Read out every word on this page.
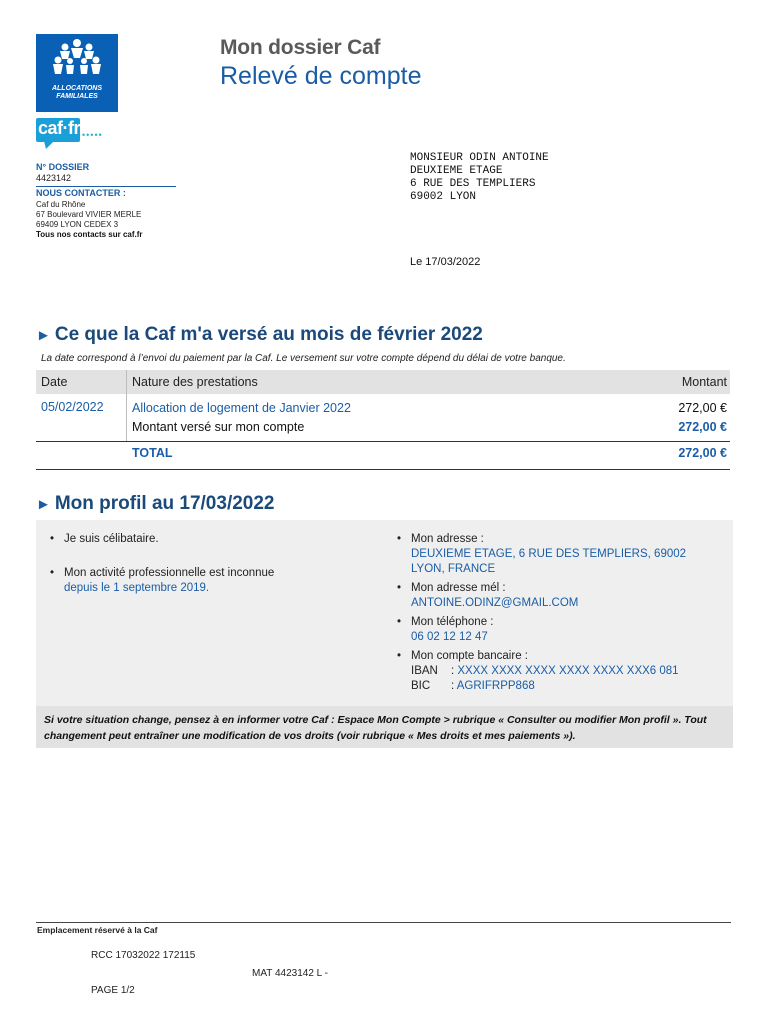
ALLOCATIONS
FAMILIALES
caf·fr •••••
Mon dossier Caf
Relevé de compte
N° DOSSIER
4423142
NOUS CONTACTER :
Caf du Rhône
67 Boulevard VIVIER MERLE
69409 LYON CEDEX 3
Tous nos contacts sur caf.fr
MONSIEUR ODIN ANTOINE
DEUXIEME ETAGE
6 RUE DES TEMPLIERS
69002 LYON
Le 17/03/2022
► Ce que la Caf m'a versé au mois de février 2022
La date correspond à l’envoi du paiement par la Caf. Le versement sur votre compte dépend du délai de votre banque.
Date	Nature des prestations	Montant
05/02/2022 Allocation de logement de Janvier 2022	272,00 €
Montant versé sur mon compte	272,00 €
TOTAL	272,00 €
► Mon profil au 17/03/2022
• Je suis célibataire.
• Mon activité professionnelle est inconnue
depuis le 1 septembre 2019.
• Mon adresse :
DEUXIEME ETAGE, 6 RUE DES TEMPLIERS, 69002
LYON, FRANCE
• Mon adresse mél :
ANTOINE.ODINZ@GMAIL.COM
• Mon téléphone :
06 02 12 12 47
• Mon compte bancaire :
IBAN : XXXX XXXX XXXX XXXX XXXX XXX6 081
BIC : AGRIFRPP868
Si votre situation change, pensez à en informer votre Caf : Espace Mon Compte > rubrique « Consulter ou modifier Mon profil ». Tout changement peut entraîner une modification de vos droits (voir rubrique « Mes droits et mes paiements »).
Emplacement réservé à la Caf
RCC 17032022 172115
MAT 4423142 L -
PAGE 1/2
